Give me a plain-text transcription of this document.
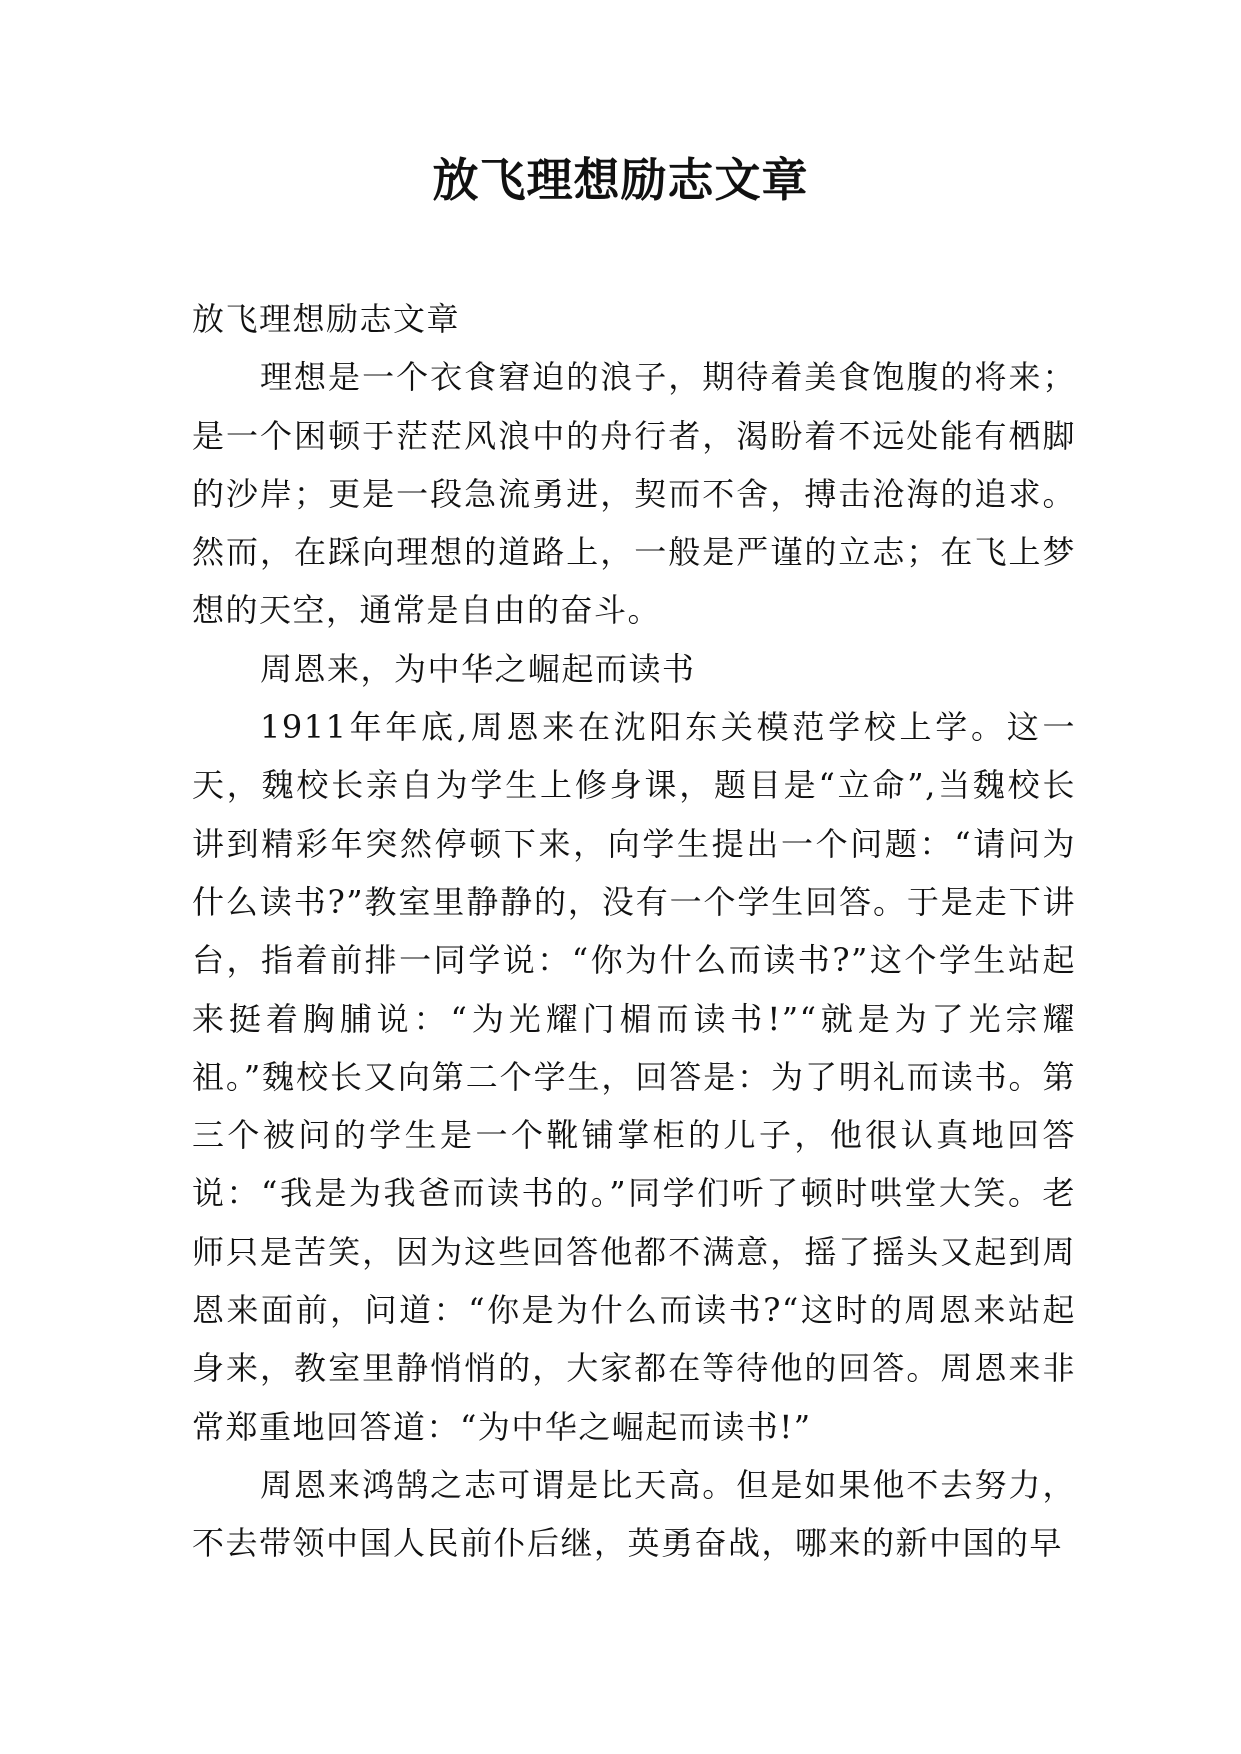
放飞理想励志文章

放飞理想励志文章

理想是一个衣食窘迫的浪子，期待着美食饱腹的将来；是一个困顿于茫茫风浪中的舟行者，渴盼着不远处能有栖脚的沙岸；更是一段急流勇进，契而不舍，搏击沧海的追求。然而，在踩向理想的道路上，一般是严谨的立志；在飞上梦想的天空，通常是自由的奋斗。

周恩来，为中华之崛起而读书

1911年年底,周恩来在沈阳东关模范学校上学。这一天，魏校长亲自为学生上修身课，题目是“立命”,当魏校长讲到精彩年突然停顿下来，向学生提出一个问题：“请问为什么读书?”教室里静静的，没有一个学生回答。于是走下讲台，指着前排一同学说：“你为什么而读书?”这个学生站起来挺着胸脯说：“为光耀门楣而读书!”“就是为了光宗耀祖。”魏校长又向第二个学生，回答是：为了明礼而读书。第三个被问的学生是一个靴铺掌柜的儿子，他很认真地回答说：“我是为我爸而读书的。”同学们听了顿时哄堂大笑。老师只是苦笑，因为这些回答他都不满意，摇了摇头又起到周恩来面前，问道：“你是为什么而读书?“这时的周恩来站起身来，教室里静悄悄的，大家都在等待他的回答。周恩来非常郑重地回答道：“为中华之崛起而读书!”

周恩来鸿鹄之志可谓是比天高。但是如果他不去努力，不去带领中国人民前仆后继，英勇奋战，哪来的新中国的早
